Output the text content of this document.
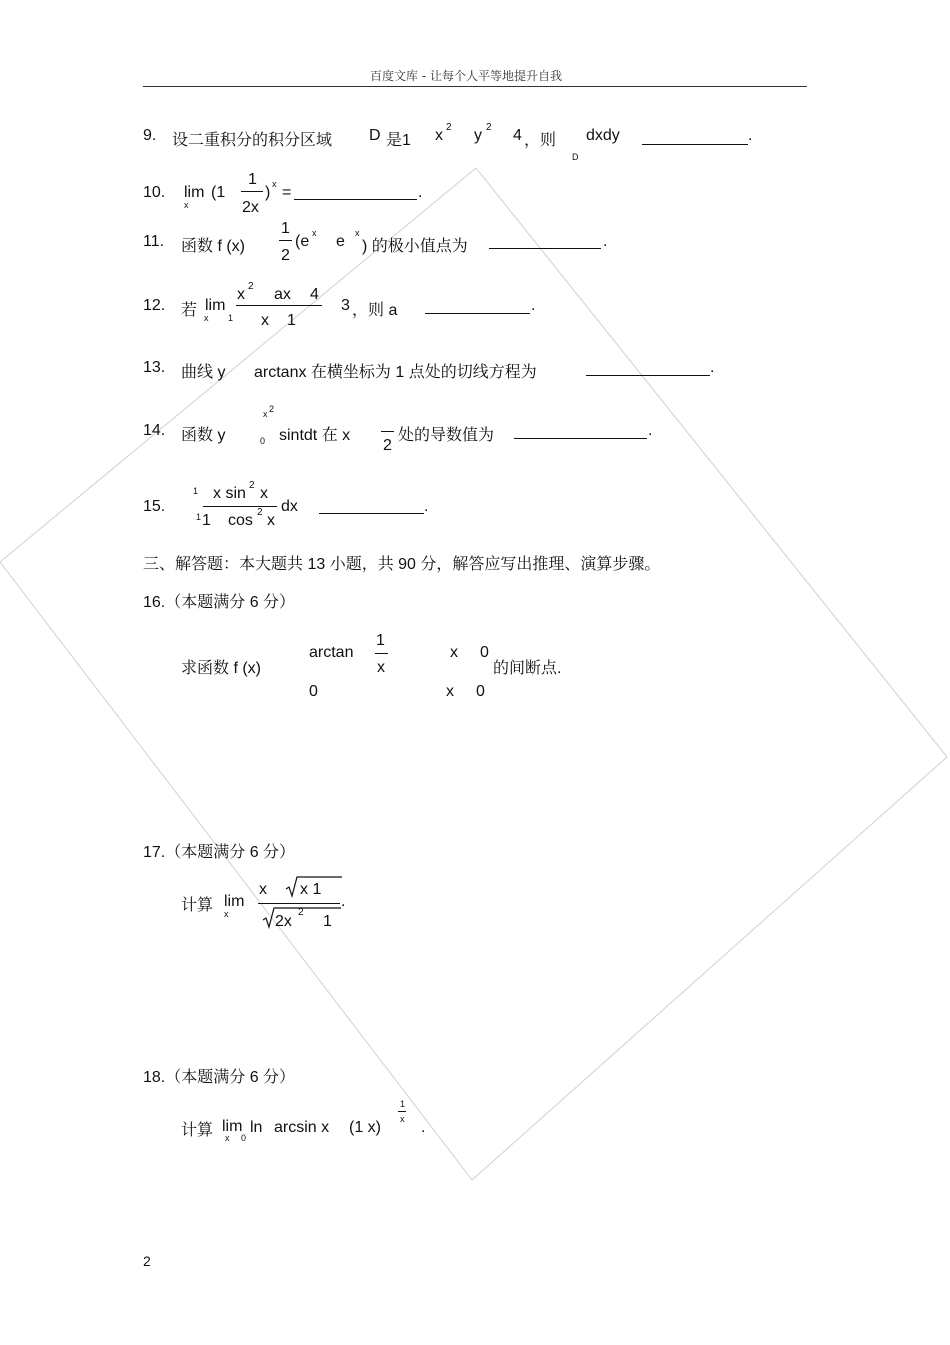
百度文库 - 让每个人平等地提升自我
9. 设二重积分的积分区域 D 是1 x 2 y 2 4 ，则 dxdy
D
.
10. lim
x
(1
1
2x
) x =	.
11. 函数 f (x)
1
2
(e x e x
) 的极小值点为	.
12. 若 lim
x 1
x 2 ax 4
x 1
3 ，则 a	.
13. 曲线 y arctanx 在横坐标为 1 点处的切线方程为	.
14. 函数 y
x 2
0 sintdt 在 x
2
处的导数值为	.
15.
1
1
x sin 2 x
1 cos 2 x
dx	.
三、解答题：本大题共 13 小题，共 90 分，解答应写出推理、演算步骤。
16.（本题满分 6 分）
求函数 f (x)
arctan
1
x
x 0
0	x 0
的间断点.
17.（本题满分 6 分）
计算 lim
x
x x 1
2x
2
1
.
18.（本题满分 6 分）
计算 lim
x 0
ln arcsin x (1 x)
1
x .
2
